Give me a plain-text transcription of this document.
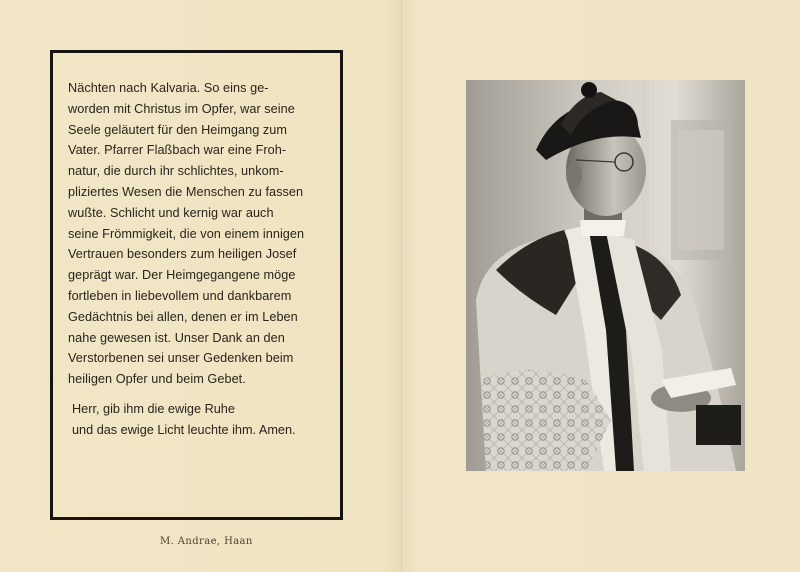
Nächten nach Kalvaria. So eins ge-
worden mit Christus im Opfer, war seine
Seele geläutert für den Heimgang zum
Vater. Pfarrer Flaßbach war eine Froh-
natur, die durch ihr schlichtes, unkom-
pliziertes Wesen die Menschen zu fassen
wußte. Schlicht und kernig war auch
seine Frömmigkeit, die von einem innigen
Vertrauen besonders zum heiligen Josef
geprägt war. Der Heimgegangene möge
fortleben in liebevollem und dankbarem
Gedächtnis bei allen, denen er im Leben
nahe gewesen ist. Unser Dank an den
Verstorbenen sei unser Gedenken beim
heiligen Opfer und beim Gebet.
Herr, gib ihm die ewige Ruhe
und das ewige Licht leuchte ihm. Amen.
M. Andrae, Haan
